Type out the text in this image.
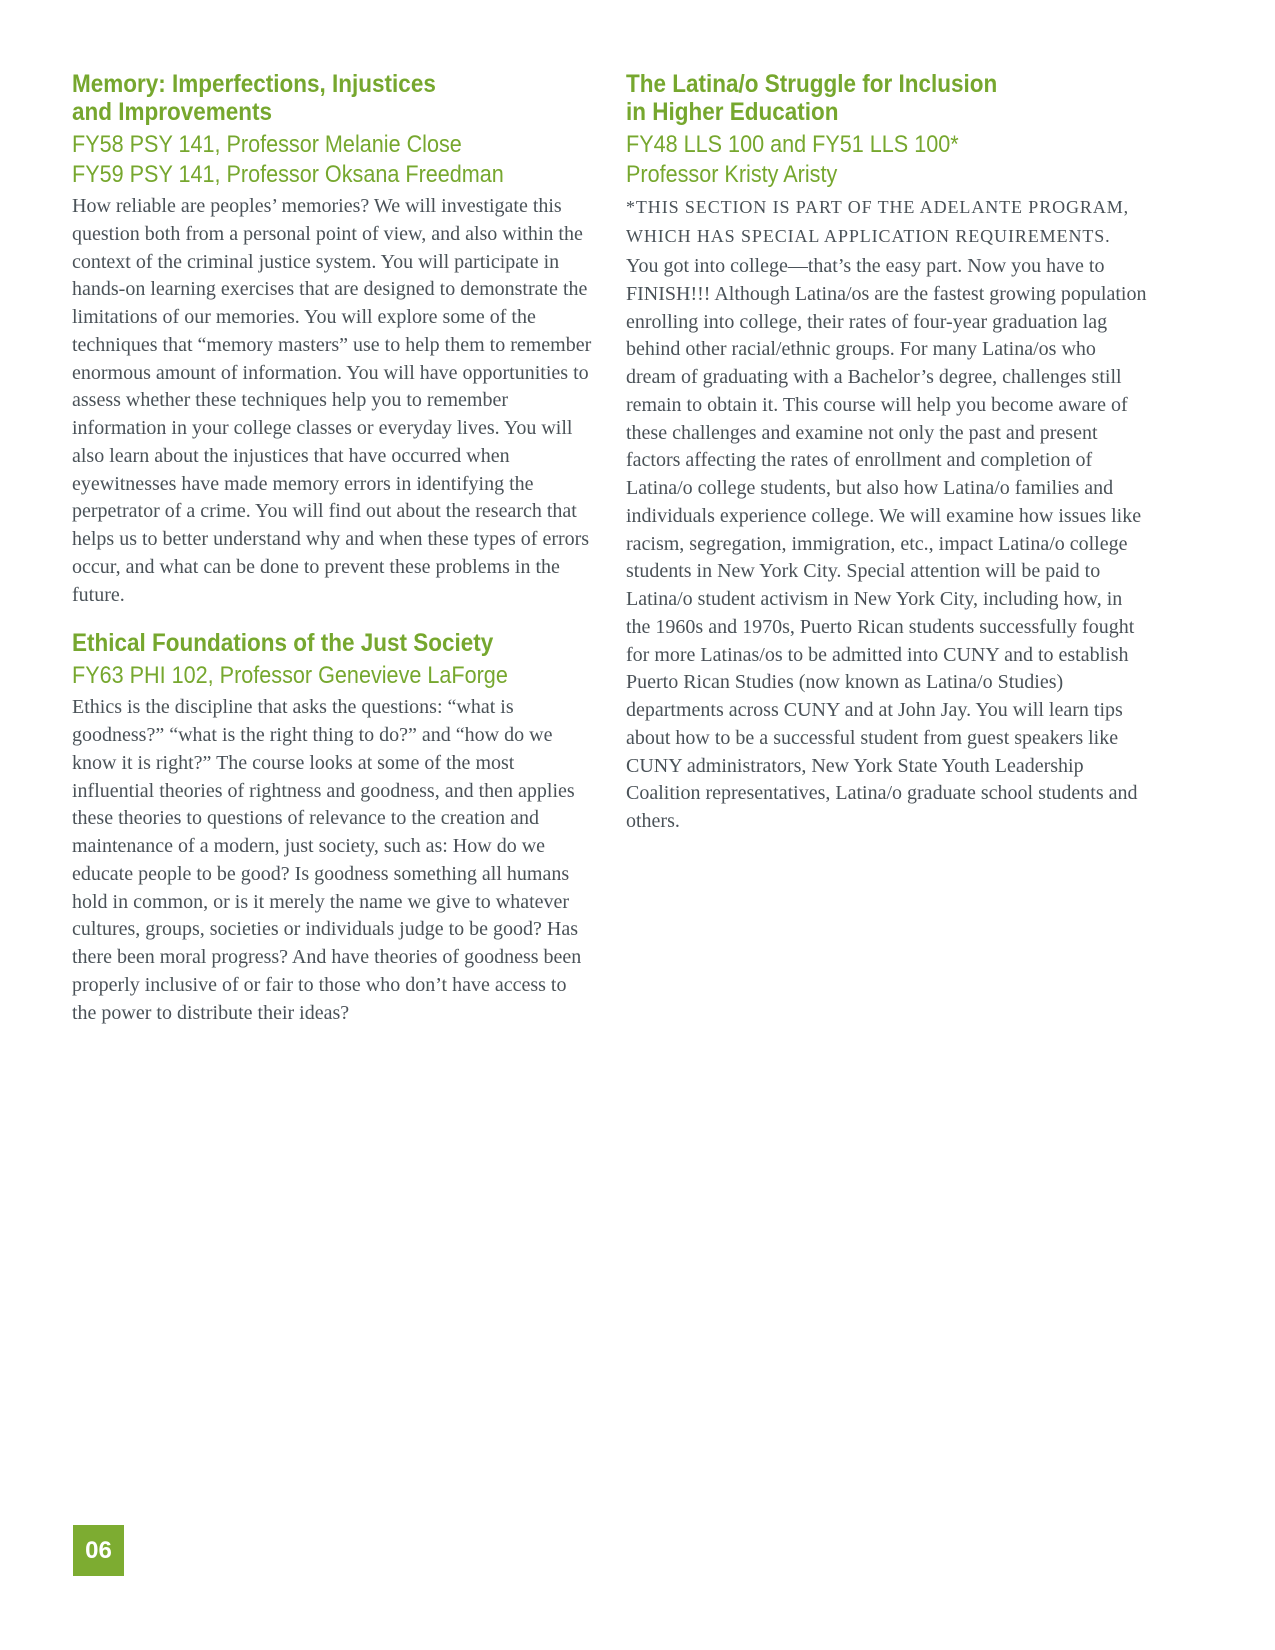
Memory: Imperfections, Injustices
and Improvements
FY58 PSY 141, Professor Melanie Close
FY59 PSY 141, Professor Oksana Freedman
How reliable are peoples’ memories? We will investigate this question both from a personal point of view, and also within the context of the criminal justice system. You will participate in hands-on learning exercises that are designed to demonstrate the limitations of our memories. You will explore some of the techniques that “memory masters” use to help them to remember enormous amount of information. You will have opportunities to assess whether these techniques help you to remember information in your college classes or everyday lives. You will also learn about the injustices that have occurred when eyewitnesses have made memory errors in identifying the perpetrator of a crime. You will find out about the research that helps us to better understand why and when these types of errors occur, and what can be done to prevent these problems in the future.
Ethical Foundations of the Just Society
FY63 PHI 102, Professor Genevieve LaForge
Ethics is the discipline that asks the questions: “what is goodness?” “what is the right thing to do?” and “how do we know it is right?” The course looks at some of the most influential theories of rightness and goodness, and then applies these theories to questions of relevance to the creation and maintenance of a modern, just society, such as: How do we educate people to be good? Is goodness something all humans hold in common, or is it merely the name we give to whatever cultures, groups, societies or individuals judge to be good? Has there been moral progress? And have theories of goodness been properly inclusive of or fair to those who don’t have access to the power to distribute their ideas?
The Latina/o Struggle for Inclusion
in Higher Education
FY48 LLS 100 and FY51 LLS 100*
Professor Kristy Aristy
*THIS SECTION IS PART OF THE ADELANTE PROGRAM, WHICH HAS SPECIAL APPLICATION REQUIREMENTS.
You got into college—that’s the easy part. Now you have to FINISH!!! Although Latina/os are the fastest growing population enrolling into college, their rates of four-year graduation lag behind other racial/ethnic groups. For many Latina/os who dream of graduating with a Bachelor’s degree, challenges still remain to obtain it. This course will help you become aware of these challenges and examine not only the past and present factors affecting the rates of enrollment and completion of Latina/o college students, but also how Latina/o families and individuals experience college. We will examine how issues like racism, segregation, immigration, etc., impact Latina/o college students in New York City. Special attention will be paid to Latina/o student activism in New York City, including how, in the 1960s and 1970s, Puerto Rican students successfully fought for more Latinas/os to be admitted into CUNY and to establish Puerto Rican Studies (now known as Latina/o Studies) departments across CUNY and at John Jay. You will learn tips about how to be a successful student from guest speakers like CUNY administrators, New York State Youth Leadership Coalition representatives, Latina/o graduate school students and others.
06
